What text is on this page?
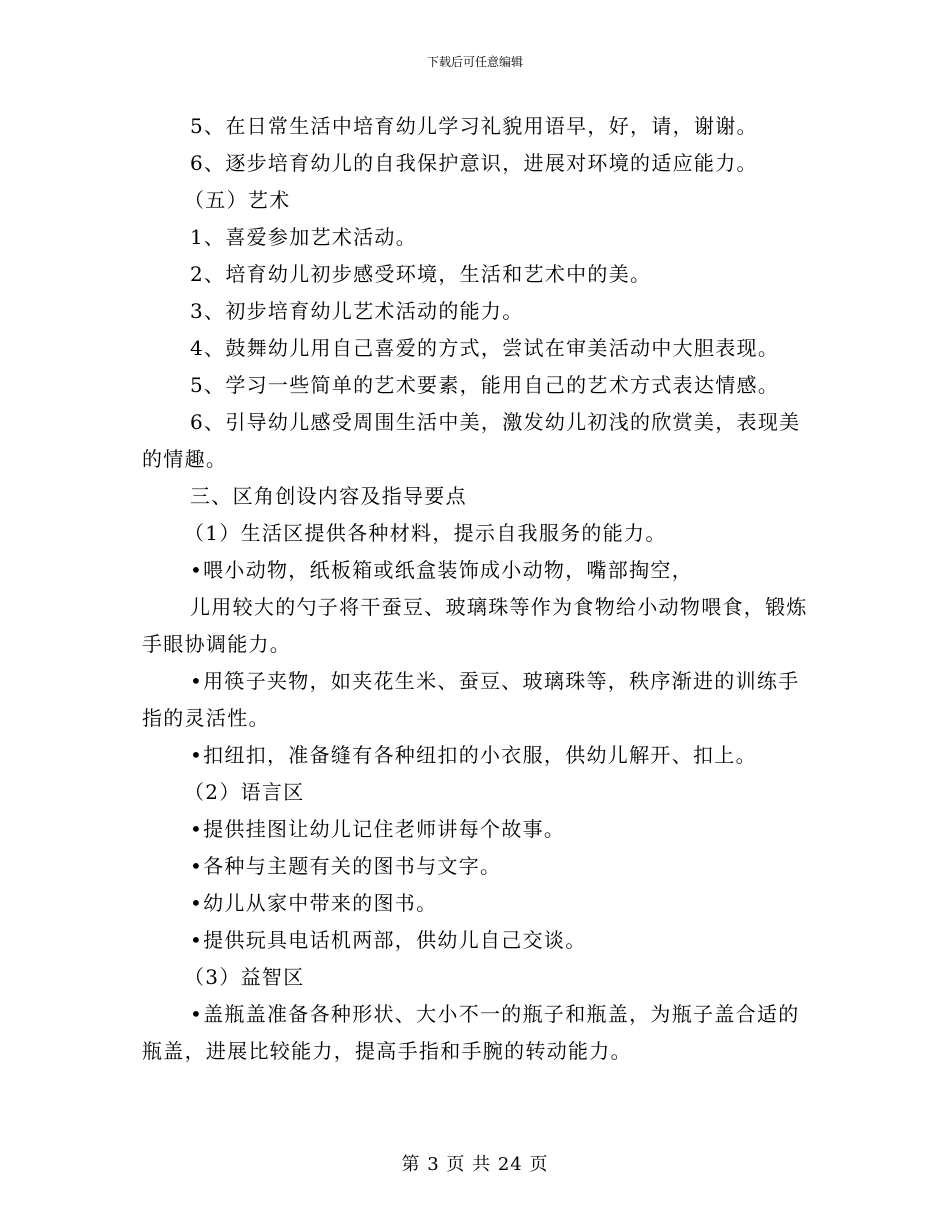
下载后可任意编辑

5、在日常生活中培育幼儿学习礼貌用语早，好，请，谢谢。

6、逐步培育幼儿的自我保护意识，进展对环境的适应能力。

（五）艺术

1、喜爱参加艺术活动。

2、培育幼儿初步感受环境，生活和艺术中的美。

3、初步培育幼儿艺术活动的能力。

4、鼓舞幼儿用自己喜爱的方式，尝试在审美活动中大胆表现。

5、学习一些简单的艺术要素，能用自己的艺术方式表达情感。

6、引导幼儿感受周围生活中美，激发幼儿初浅的欣赏美，表现美的情趣。

三、区角创设内容及指导要点

（1）生活区提供各种材料，提示自我服务的能力。

•喂小动物，纸板箱或纸盒装饰成小动物，嘴部掏空，

儿用较大的勺子将干蚕豆、玻璃珠等作为食物给小动物喂食，锻炼手眼协调能力。

•用筷子夹物，如夹花生米、蚕豆、玻璃珠等，秩序渐进的训练手指的灵活性。

•扣纽扣，准备缝有各种纽扣的小衣服，供幼儿解开、扣上。

（2）语言区

•提供挂图让幼儿记住老师讲每个故事。

•各种与主题有关的图书与文字。

•幼儿从家中带来的图书。

•提供玩具电话机两部，供幼儿自己交谈。

（3）益智区

•盖瓶盖准备各种形状、大小不一的瓶子和瓶盖，为瓶子盖合适的瓶盖，进展比较能力，提高手指和手腕的转动能力。

第 3 页 共 24 页
